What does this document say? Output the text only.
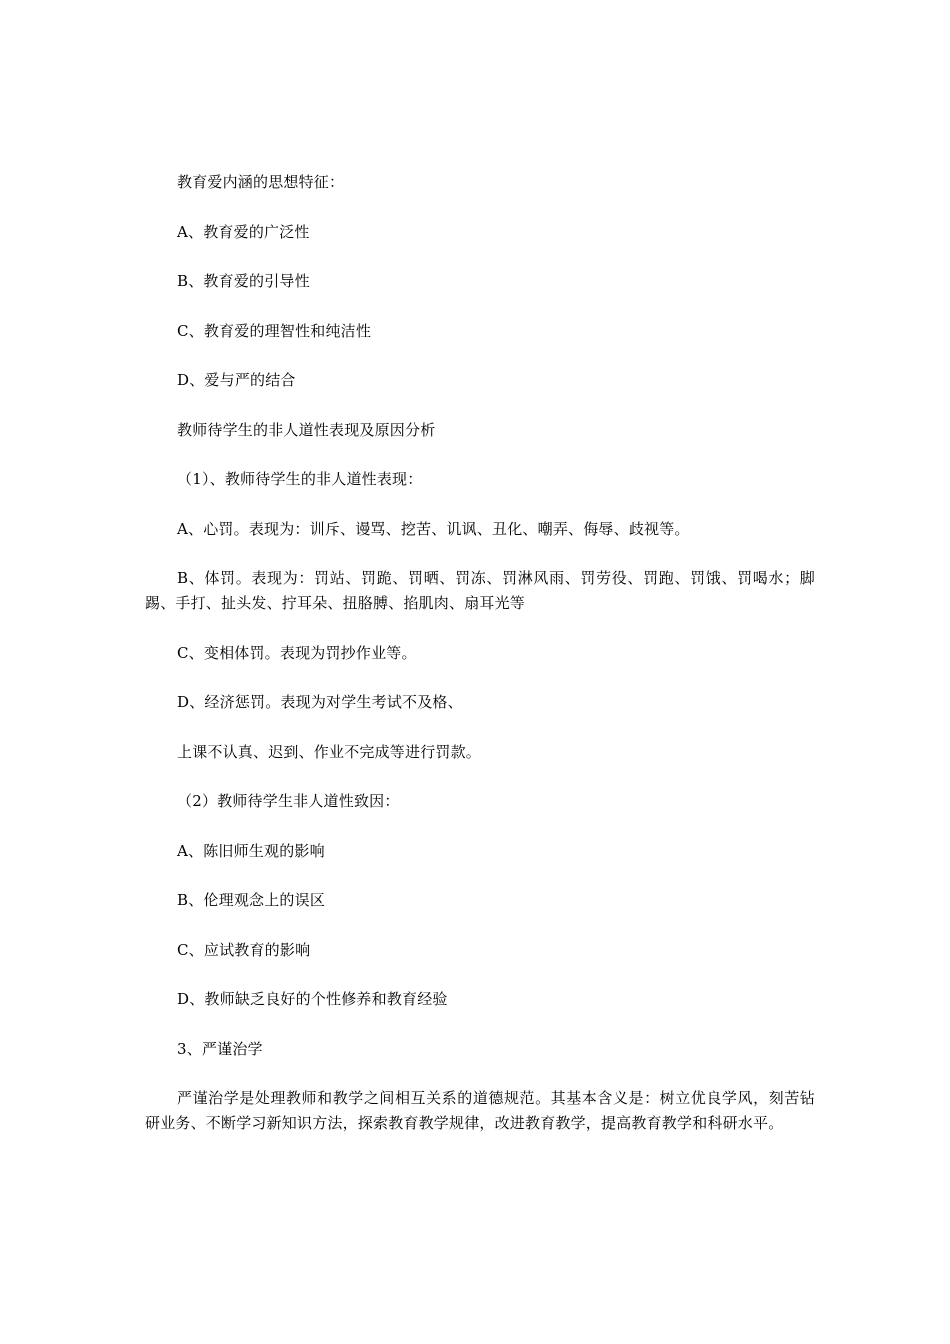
教育爱内涵的思想特征：

A、教育爱的广泛性

B、教育爱的引导性

C、教育爱的理智性和纯洁性

D、爱与严的结合

教师待学生的非人道性表现及原因分析

（1）、教师待学生的非人道性表现：

A、心罚。表现为：训斥、谩骂、挖苦、讥讽、丑化、嘲弄、侮辱、歧视等。

B、体罚。表现为：罚站、罚跪、罚晒、罚冻、罚淋风雨、罚劳役、罚跑、罚饿、罚喝水；脚踢、手打、扯头发、拧耳朵、扭胳膊、掐肌肉、扇耳光等

C、变相体罚。表现为罚抄作业等。

D、经济惩罚。表现为对学生考试不及格、

上课不认真、迟到、作业不完成等进行罚款。

（2）教师待学生非人道性致因：

A、陈旧师生观的影响

B、伦理观念上的误区

C、应试教育的影响

D、教师缺乏良好的个性修养和教育经验

3、严谨治学

严谨治学是处理教师和教学之间相互关系的道德规范。其基本含义是：树立优良学风，刻苦钻研业务、不断学习新知识方法，探索教育教学规律，改进教育教学，提高教育教学和科研水平。
